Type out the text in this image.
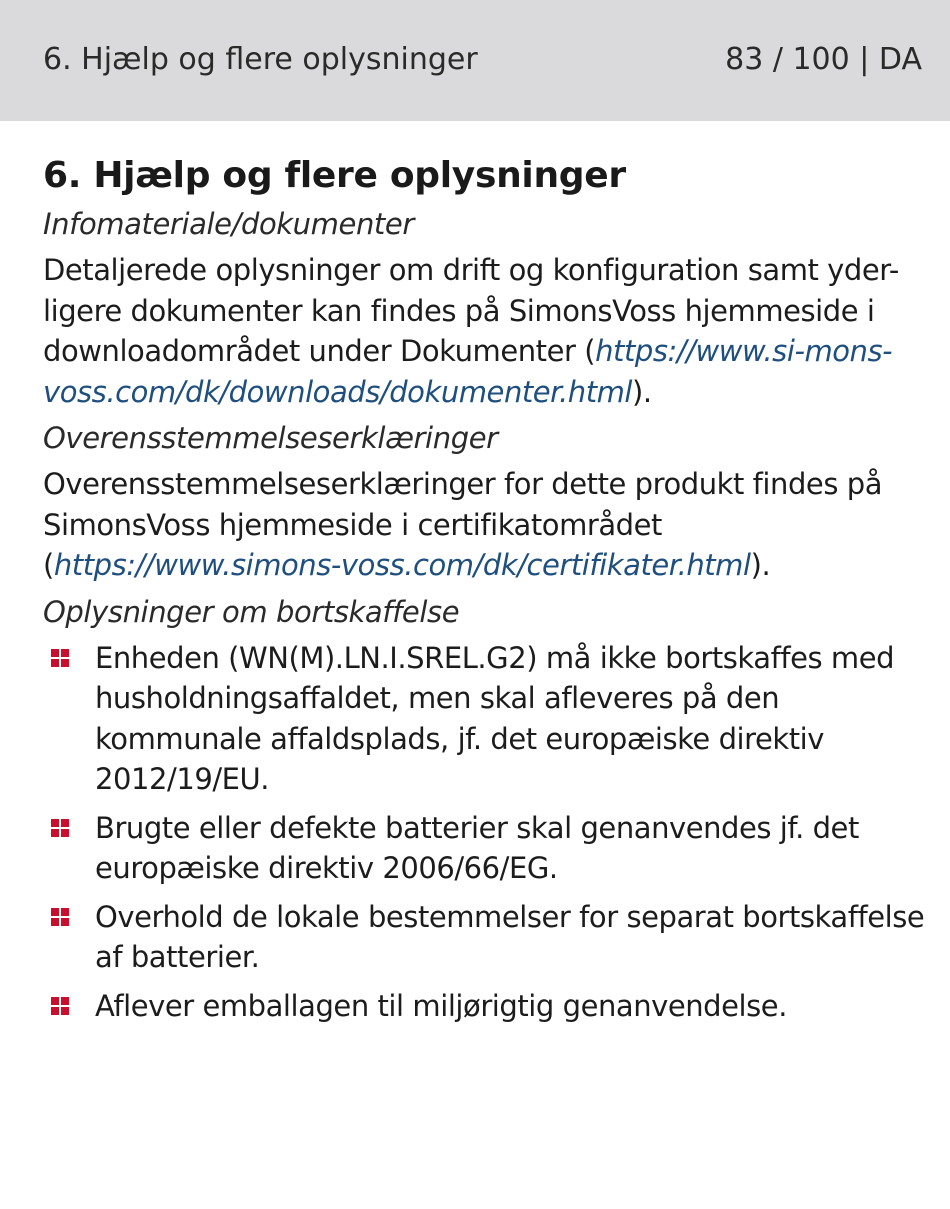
6. Hjælp og flere oplysninger	83 / 100 | DA
6. Hjælp og flere oplysninger
Infomateriale/dokumenter
Detaljerede oplysninger om drift og konfiguration samt yder-ligere dokumenter kan findes på SimonsVoss hjemmeside i downloadområdet under Dokumenter (https://www.si-mons-voss.com/dk/downloads/dokumenter.html).
Overensstemmelseserklæringer
Overensstemmelseserklæringer for dette produkt findes på SimonsVoss hjemmeside i certifikatområdet (https://www.simons-voss.com/dk/certifikater.html).
Oplysninger om bortskaffelse
Enheden (WN(M).LN.I.SREL.G2) må ikke bortskaffes med husholdningsaffaldet, men skal afleveres på den kommunale affaldsplads, jf. det europæiske direktiv 2012/19/EU.
Brugte eller defekte batterier skal genanvendes jf. det europæiske direktiv 2006/66/EG.
Overhold de lokale bestemmelser for separat bortskaffelse af batterier.
Aflever emballagen til miljørigtig genanvendelse.
